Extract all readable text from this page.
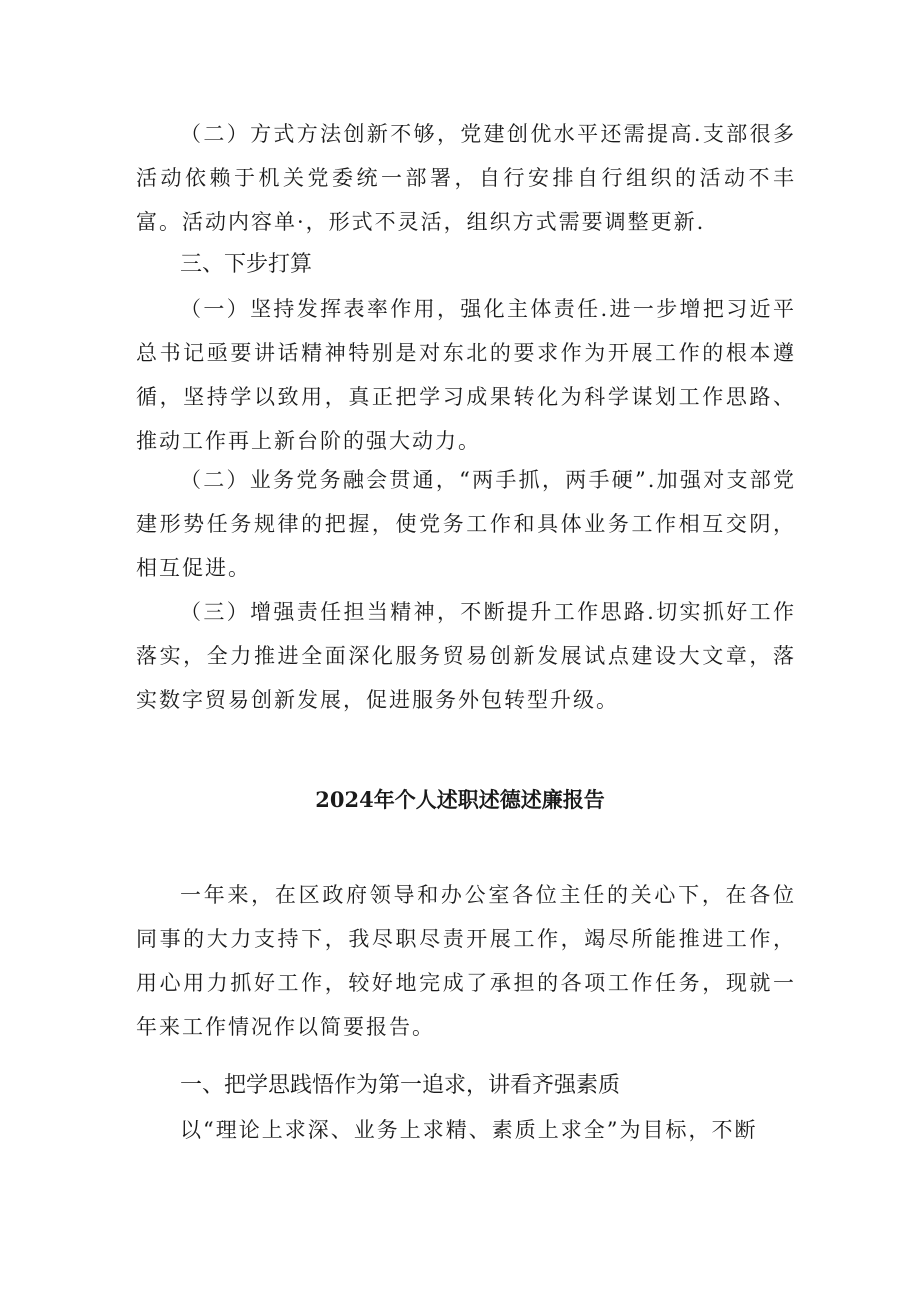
（二）方式方法创新不够，党建创优水平还需提高.支部很多活动依赖于机关党委统一部署，自行安排自行组织的活动不丰富。活动内容单·，形式不灵活，组织方式需要调整更新.

三、下步打算

（一）坚持发挥表率作用，强化主体责任.进一步增把习近平总书记亟要讲话精神特别是对东北的要求作为开展工作的根本遵循，坚持学以致用，真正把学习成果转化为科学谋划工作思路、推动工作再上新台阶的强大动力。

（二）业务党务融会贯通，“两手抓，两手硬”.加强对支部党建形势任务规律的把握，使党务工作和具体业务工作相互交阴，相互促进。

（三）增强责任担当精神，不断提升工作思路.切实抓好工作落实，全力推进全面深化服务贸易创新发展试点建设大文章，落实数字贸易创新发展，促进服务外包转型升级。

2024年个人述职述德述廉报告

一年来，在区政府领导和办公室各位主任的关心下，在各位同事的大力支持下，我尽职尽责开展工作，竭尽所能推进工作，用心用力抓好工作，较好地完成了承担的各项工作任务，现就一年来工作情况作以简要报告。

一、把学思践悟作为第一追求，讲看齐强素质

以“理论上求深、业务上求精、素质上求全”为目标，不断
